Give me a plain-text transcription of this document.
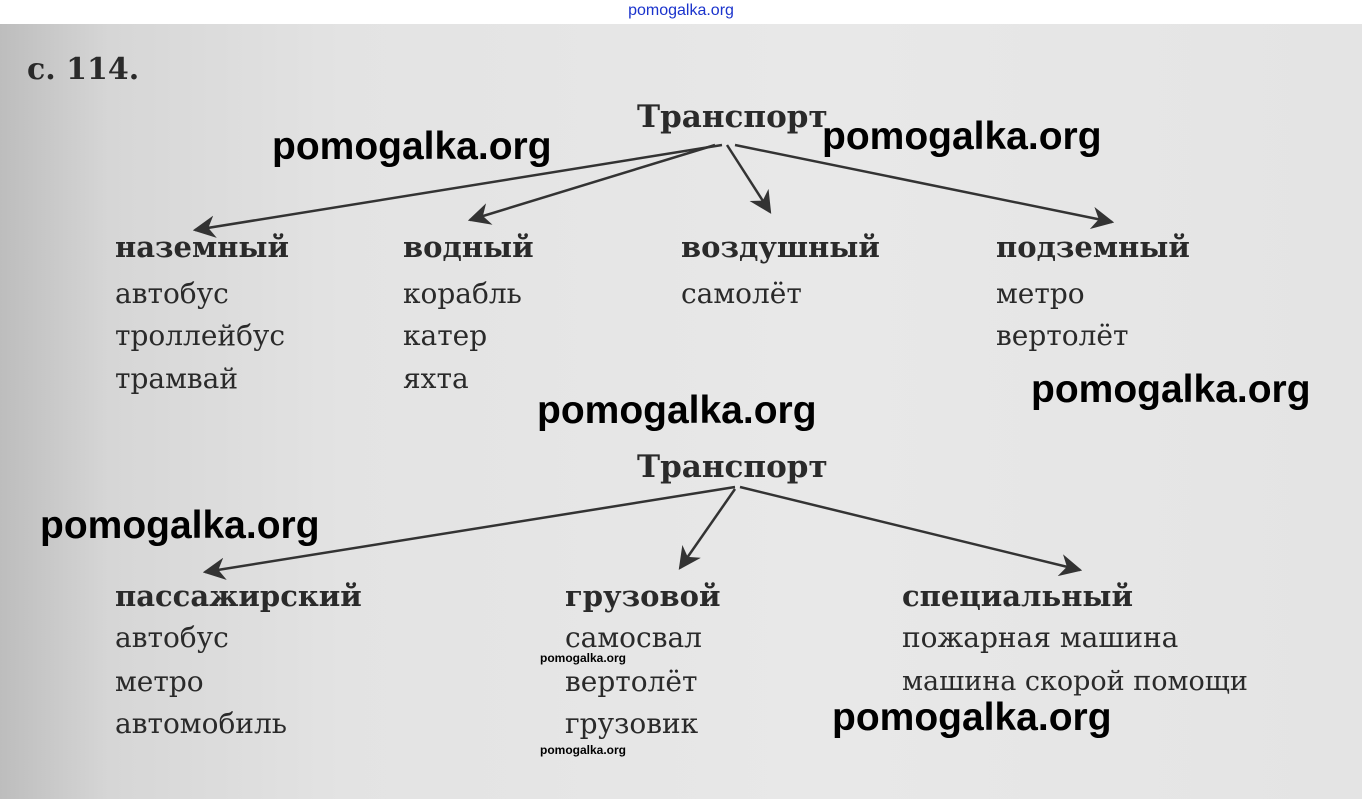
pomogalka.org
с. 114.
Транспорт
наземный
автобус
троллейбус
трамвай
водный
корабль
катер
яхта
воздушный
самолёт
подземный
метро
вертолёт
Транспорт
пассажирский
автобус
метро
автомобиль
грузовой
самосвал
вертолёт
грузовик
специальный
пожарная машина
машина скорой помощи
pomogalka.org	pomogalka.org
pomogalka.org
pomogalka.org
pomogalka.org
pomogalka.org
pomogalka.org
pomogalka.org
